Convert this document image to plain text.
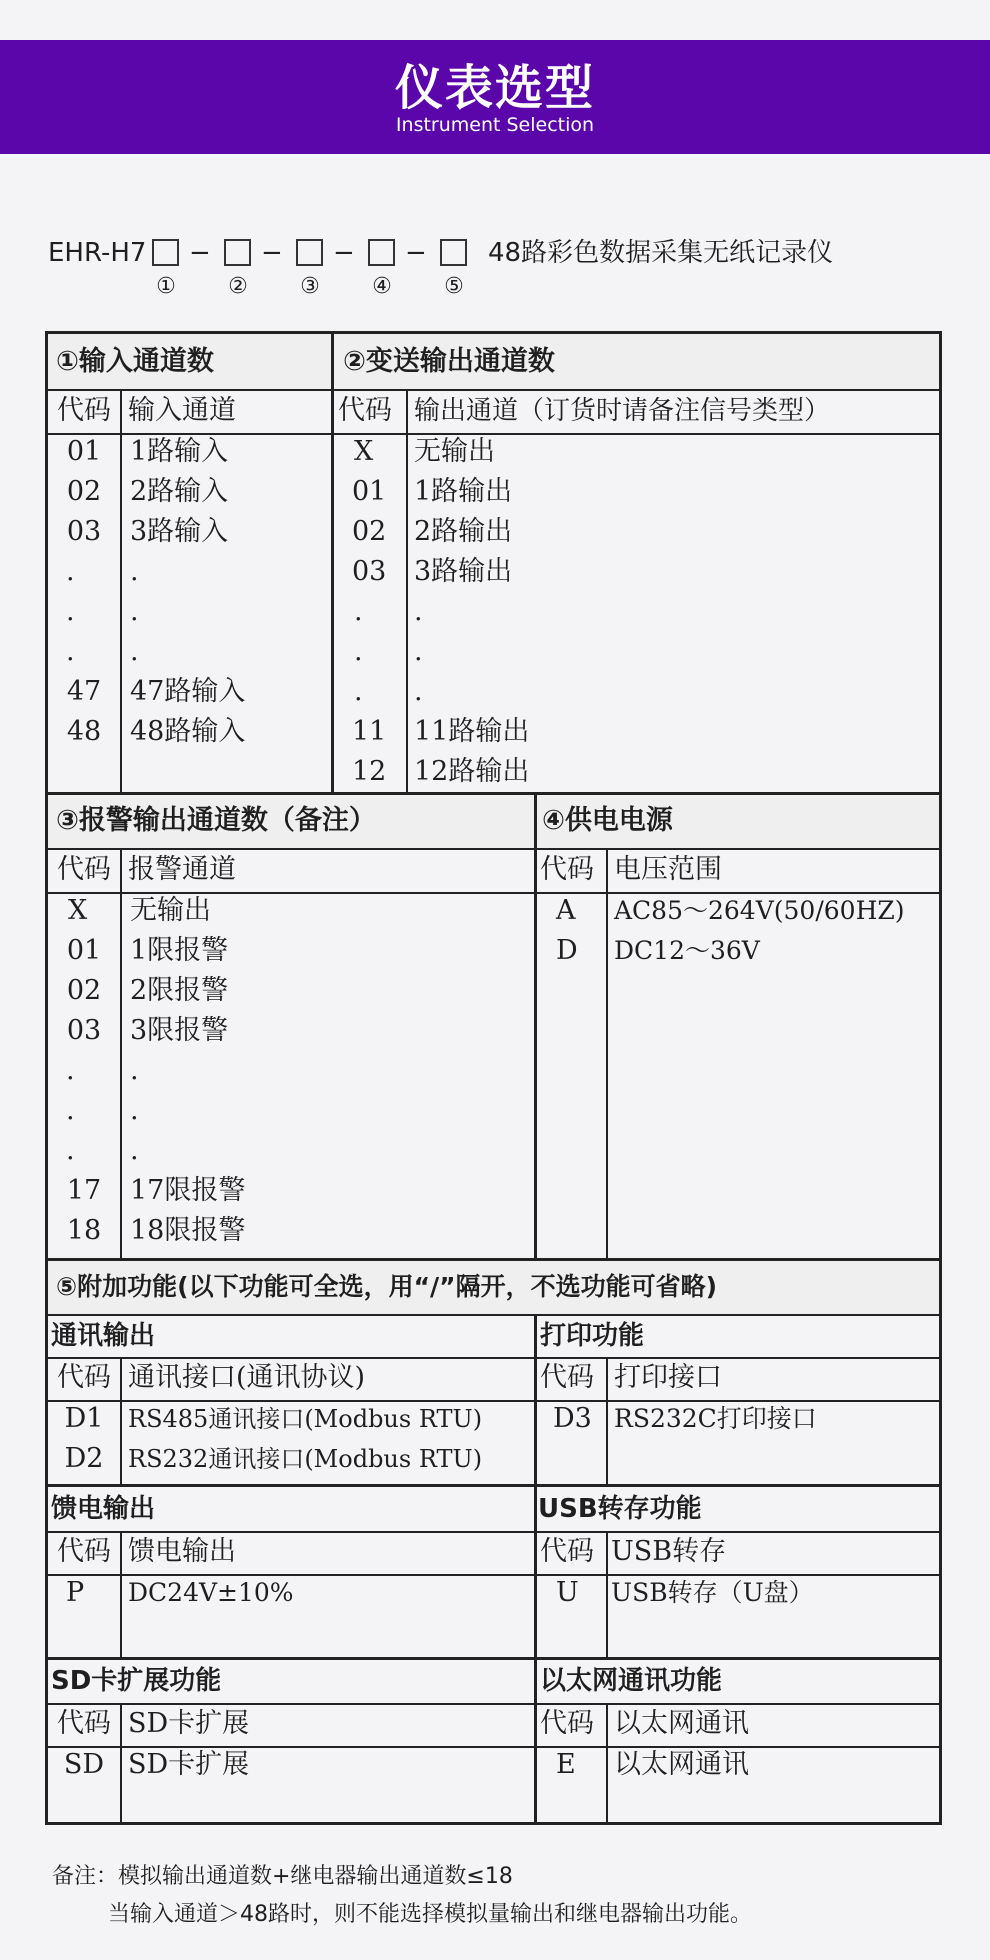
仪表选型
Instrument Selection
EHR-H7 − − − − 48路彩色数据采集无纸记录仪
①	②	③	④	⑤
①输入通道数
代码 输入通道
01	1路输入
02	2路输入
03	3路输入
. .
. .
. .
47	47路输入
48	48路输入
②变送输出通道数
代码 输出通道（订货时请备注信号类型）
X 无输出
01 1路输出
02 2路输出
03 3路输出
. .
. .
. .
11 11路输出
12 12路输出
③报警输出通道数（备注）
代码 报警通道
X 无输出
01	1限报警
02	2限报警
03	3限报警
. .
. .
. .
17	17限报警
18	18限报警
④供电电源
代码 电压范围
A AC85～264V(50/60HZ)
D DC12～36V
⑤附加功能(以下功能可全选，用“/”隔开，不选功能可省略)
通讯输出
代码 通讯接口(通讯协议)
D1	RS485通讯接口(Modbus RTU)
D2	RS232通讯接口(Modbus RTU)
打印功能
代码 打印接口
D3 RS232C打印接口
馈电输出
代码 馈电输出
P DC24V±10%
USB转存功能
代码 USB转存
U USB转存（U盘）
SD卡扩展功能
代码 SD卡扩展
SD SD卡扩展
以太网通讯功能
代码 以太网通讯
E 以太网通讯
备注：模拟输出通道数+继电器输出通道数≤18
当输入通道＞48路时，则不能选择模拟量输出和继电器输出功能。
